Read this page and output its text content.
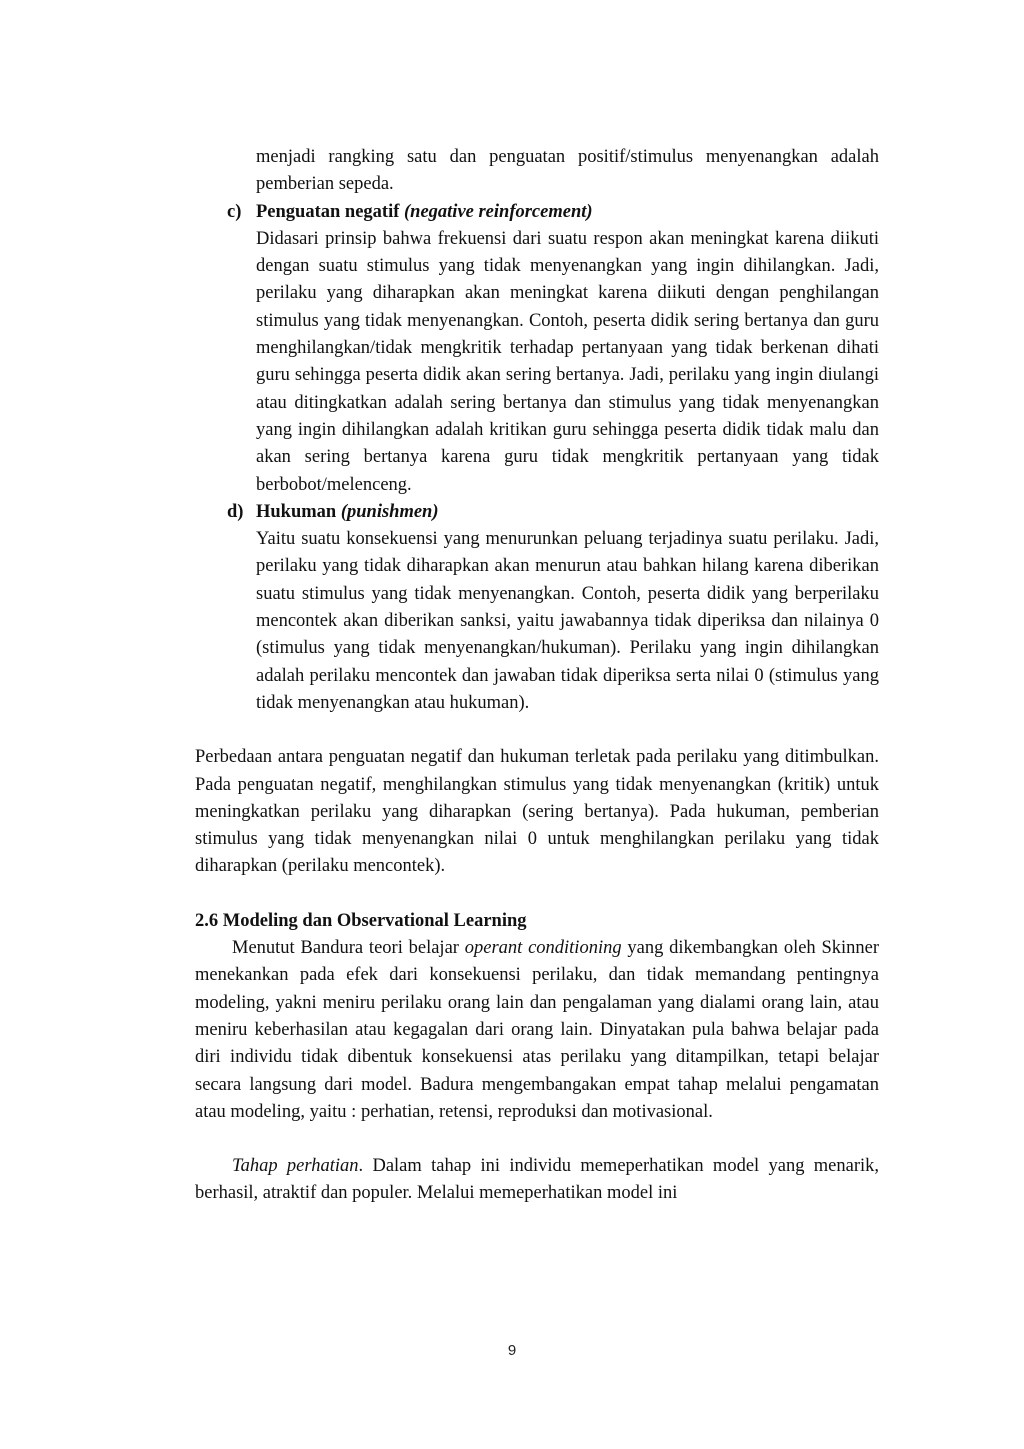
menjadi rangking satu dan penguatan positif/stimulus menyenangkan adalah pemberian sepeda.

c) Penguatan negatif (negative reinforcement)

Didasari prinsip bahwa frekuensi dari suatu respon akan meningkat karena diikuti dengan suatu stimulus yang tidak menyenangkan yang ingin dihilangkan. Jadi, perilaku yang diharapkan akan meningkat karena diikuti dengan penghilangan stimulus yang tidak menyenangkan. Contoh, peserta didik sering bertanya dan guru menghilangkan/tidak mengkritik terhadap pertanyaan yang tidak berkenan dihati guru sehingga peserta didik akan sering bertanya. Jadi, perilaku yang ingin diulangi atau ditingkatkan adalah sering bertanya dan stimulus yang tidak menyenangkan yang ingin dihilangkan adalah kritikan guru sehingga peserta didik tidak malu dan akan sering bertanya karena guru tidak mengkritik pertanyaan yang tidak berbobot/melenceng.

d) Hukuman (punishmen)

Yaitu suatu konsekuensi yang menurunkan peluang terjadinya suatu perilaku. Jadi, perilaku yang tidak diharapkan akan menurun atau bahkan hilang karena diberikan suatu stimulus yang tidak menyenangkan. Contoh, peserta didik yang berperilaku mencontek akan diberikan sanksi, yaitu jawabannya tidak diperiksa dan nilainya 0 (stimulus yang tidak menyenangkan/hukuman). Perilaku yang ingin dihilangkan adalah perilaku mencontek dan jawaban tidak diperiksa serta nilai 0 (stimulus yang tidak menyenangkan atau hukuman).

Perbedaan antara penguatan negatif dan hukuman terletak pada perilaku yang ditimbulkan. Pada penguatan negatif, menghilangkan stimulus yang tidak menyenangkan (kritik) untuk meningkatkan perilaku yang diharapkan (sering bertanya). Pada hukuman, pemberian stimulus yang tidak menyenangkan nilai 0 untuk menghilangkan perilaku yang tidak diharapkan (perilaku mencontek).

2.6 Modeling dan Observational Learning

Menutut Bandura teori belajar operant conditioning yang dikembangkan oleh Skinner menekankan pada efek dari konsekuensi perilaku, dan tidak memandang pentingnya modeling, yakni meniru perilaku orang lain dan pengalaman yang dialami orang lain, atau meniru keberhasilan atau kegagalan dari orang lain. Dinyatakan pula bahwa belajar pada diri individu tidak dibentuk konsekuensi atas perilaku yang ditampilkan, tetapi belajar secara langsung dari model. Badura mengembangakan empat tahap melalui pengamatan atau modeling, yaitu : perhatian, retensi, reproduksi dan motivasional.

Tahap perhatian. Dalam tahap ini individu memeperhatikan model yang menarik, berhasil, atraktif dan populer. Melalui memeperhatikan model ini

9
